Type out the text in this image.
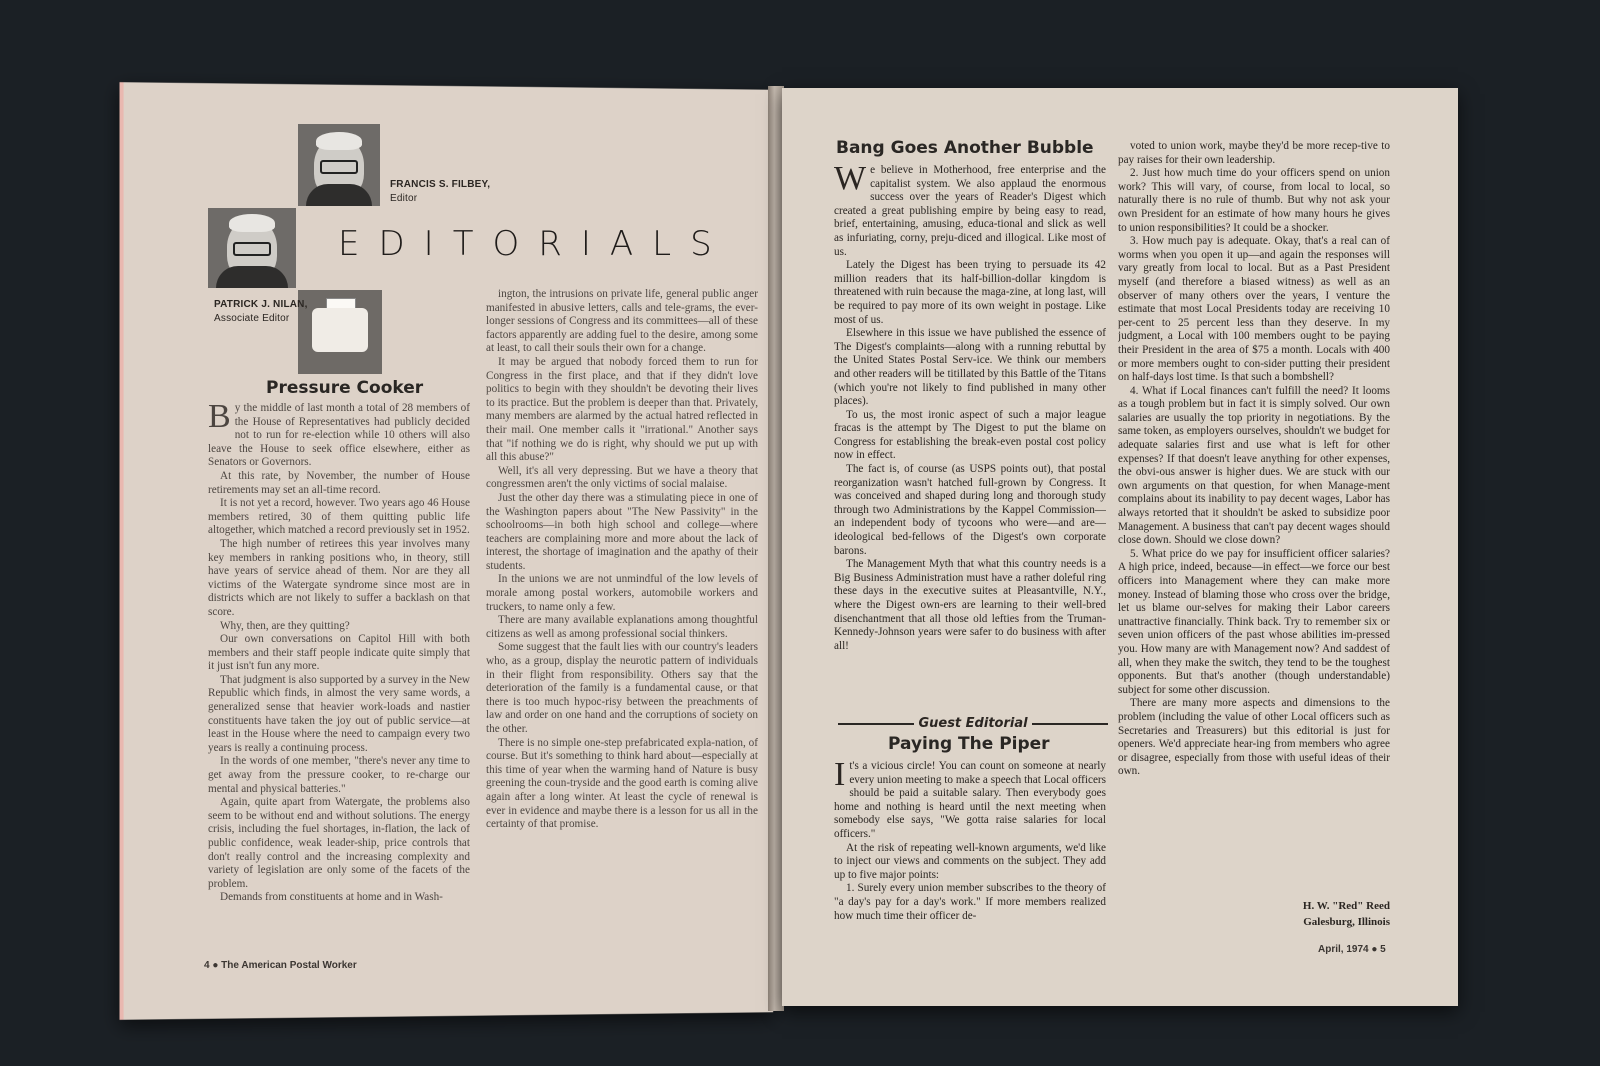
FRANCIS S. FILBEY,
Editor
PATRICK J. NILAN,
Associate Editor
EDITORIALS
Pressure Cooker

By the middle of last month a total of 28 members of the House of Representatives had publicly decided not to run for re-election while 10 others will also leave the House to seek office elsewhere, either as Senators or Governors.

At this rate, by November, the number of House retirements may set an all-time record.

It is not yet a record, however. Two years ago 46 House members retired, 30 of them quitting public life altogether, which matched a record previously set in 1952.

The high number of retirees this year involves many key members in ranking positions who, in theory, still have years of service ahead of them. Nor are they all victims of the Watergate syndrome since most are in districts which are not likely to suffer a backlash on that score.

Why, then, are they quitting?

Our own conversations on Capitol Hill with both members and their staff people indicate quite simply that it just isn't fun any more.

That judgment is also supported by a survey in the New Republic which finds, in almost the very same words, a generalized sense that heavier work-loads and nastier constituents have taken the joy out of public service—at least in the House where the need to campaign every two years is really a continuing process.

In the words of one member, "there's never any time to get away from the pressure cooker, to re-charge our mental and physical batteries."

Again, quite apart from Watergate, the problems also seem to be without end and without solutions. The energy crisis, including the fuel shortages, in-flation, the lack of public confidence, weak leader-ship, price controls that don't really control and the increasing complexity and variety of legislation are only some of the facets of the problem.

Demands from constituents at home and in Wash-

ington, the intrusions on private life, general public anger manifested in abusive letters, calls and tele-grams, the ever-longer sessions of Congress and its committees—all of these factors apparently are adding fuel to the desire, among some at least, to call their souls their own for a change.

It may be argued that nobody forced them to run for Congress in the first place, and that if they didn't love politics to begin with they shouldn't be devoting their lives to its practice. But the problem is deeper than that. Privately, many members are alarmed by the actual hatred reflected in their mail. One member calls it "irrational." Another says that "if nothing we do is right, why should we put up with all this abuse?"

Well, it's all very depressing. But we have a theory that congressmen aren't the only victims of social malaise.

Just the other day there was a stimulating piece in one of the Washington papers about "The New Passivity" in the schoolrooms—in both high school and college—where teachers are complaining more and more about the lack of interest, the shortage of imagination and the apathy of their students.

In the unions we are not unmindful of the low levels of morale among postal workers, automobile workers and truckers, to name only a few.

There are many available explanations among thoughtful citizens as well as among professional social thinkers.

Some suggest that the fault lies with our country's leaders who, as a group, display the neurotic pattern of individuals in their flight from responsibility. Others say that the deterioration of the family is a fundamental cause, or that there is too much hypoc-risy between the preachments of law and order on one hand and the corruptions of society on the other.

There is no simple one-step prefabricated expla-nation, of course. But it's something to think hard about—especially at this time of year when the warming hand of Nature is busy greening the coun-tryside and the good earth is coming alive again after a long winter. At least the cycle of renewal is ever in evidence and maybe there is a lesson for us all in the certainty of that promise.

4 ● The American Postal Worker
Bang Goes Another Bubble

We believe in Motherhood, free enterprise and the capitalist system. We also applaud the enormous success over the years of Reader's Digest which created a great publishing empire by being easy to read, brief, entertaining, amusing, educa-tional and slick as well as infuriating, corny, preju-diced and illogical. Like most of us.

Lately the Digest has been trying to persuade its 42 million readers that its half-billion-dollar kingdom is threatened with ruin because the maga-zine, at long last, will be required to pay more of its own weight in postage. Like most of us.

Elsewhere in this issue we have published the essence of The Digest's complaints—along with a running rebuttal by the United States Postal Serv-ice. We think our members and other readers will be titillated by this Battle of the Titans (which you're not likely to find published in many other places).

To us, the most ironic aspect of such a major league fracas is the attempt by The Digest to put the blame on Congress for establishing the break-even postal cost policy now in effect.

The fact is, of course (as USPS points out), that postal reorganization wasn't hatched full-grown by Congress. It was conceived and shaped during long and thorough study through two Administrations by the Kappel Commission—an independent body of tycoons who were—and are—ideological bed-fellows of the Digest's own corporate barons.

The Management Myth that what this country needs is a Big Business Administration must have a rather doleful ring these days in the executive suites at Pleasantville, N.Y., where the Digest own-ers are learning to their well-bred disenchantment that all those old lefties from the Truman-Kennedy-Johnson years were safer to do business with after all!

Guest Editorial
Paying The Piper

It's a vicious circle! You can count on someone at nearly every union meeting to make a speech that Local officers should be paid a suitable salary. Then everybody goes home and nothing is heard until the next meeting when somebody else says, "We gotta raise salaries for local officers."

At the risk of repeating well-known arguments, we'd like to inject our views and comments on the subject. They add up to five major points:

1. Surely every union member subscribes to the theory of "a day's pay for a day's work." If more members realized how much time their officer de-

voted to union work, maybe they'd be more recep-tive to pay raises for their own leadership.

2. Just how much time do your officers spend on union work? This will vary, of course, from local to local, so naturally there is no rule of thumb. But why not ask your own President for an estimate of how many hours he gives to union responsibilities? It could be a shocker.

3. How much pay is adequate. Okay, that's a real can of worms when you open it up—and again the responses will vary greatly from local to local. But as a Past President myself (and therefore a biased witness) as well as an observer of many others over the years, I venture the estimate that most Local Presidents today are receiving 10 per-cent to 25 percent less than they deserve. In my judgment, a Local with 100 members ought to be paying their President in the area of $75 a month. Locals with 400 or more members ought to con-sider putting their president on half-days lost time. Is that such a bombshell?

4. What if Local finances can't fulfill the need? It looms as a tough problem but in fact it is simply solved. Our own salaries are usually the top priority in negotiations. By the same token, as employers ourselves, shouldn't we budget for adequate salaries first and use what is left for other expenses? If that doesn't leave anything for other expenses, the obvi-ous answer is higher dues. We are stuck with our own arguments on that question, for when Manage-ment complains about its inability to pay decent wages, Labor has always retorted that it shouldn't be asked to subsidize poor Management. A business that can't pay decent wages should close down. Should we close down?

5. What price do we pay for insufficient officer salaries? A high price, indeed, because—in effect—we force our best officers into Management where they can make more money. Instead of blaming those who cross over the bridge, let us blame our-selves for making their Labor careers unattractive financially. Think back. Try to remember six or seven union officers of the past whose abilities im-pressed you. How many are with Management now? And saddest of all, when they make the switch, they tend to be the toughest opponents. But that's another (though understandable) subject for some other discussion.

There are many more aspects and dimensions to the problem (including the value of other Local officers such as Secretaries and Treasurers) but this editorial is just for openers. We'd appreciate hear-ing from members who agree or disagree, especially from those with useful ideas of their own.

H. W. "Red" Reed
Galesburg, Illinois
April, 1974 ● 5
